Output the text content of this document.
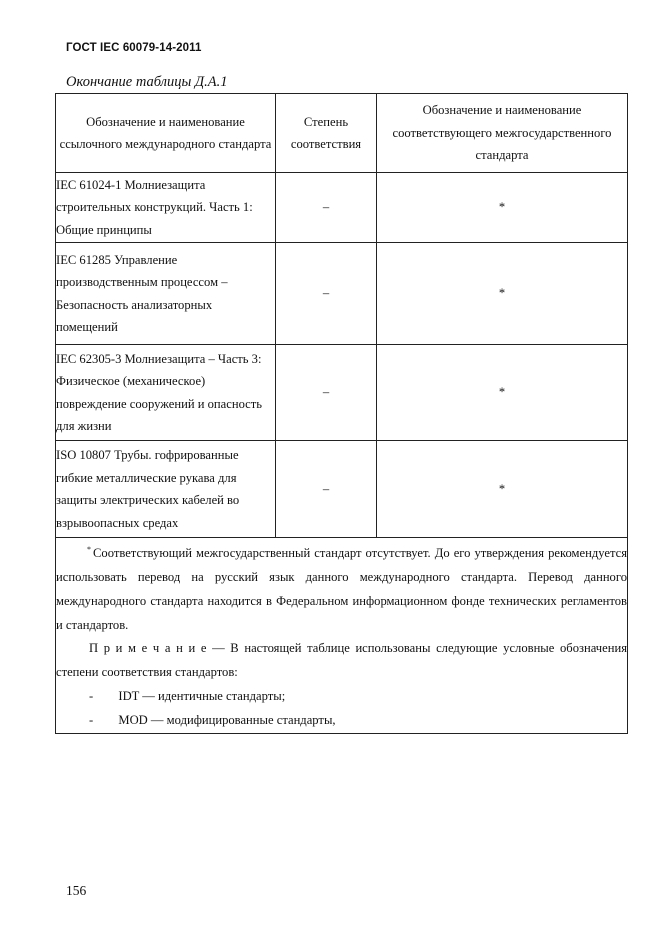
ГОСТ IEC 60079-14-2011
Окончание таблицы Д.А.1
Обозначение и наименование ссылочного международного стандарта	Степень соответствия	Обозначение и наименование соответствующего межгосударственного стандарта
IEC 61024-1 Молниезащита строительных конструкций. Часть 1: Общие принципы	–	*
IEC 61285 Управление производственным процессом – Безопасность анализаторных помещений	–	*
IEC 62305-3 Молниезащита – Часть 3: Физическое (механическое) повреждение сооружений и опасность для жизни	–	*
ISO 10807 Трубы. гофрированные гибкие металлические рукава для защиты электрических кабелей во взрывоопасных средах	–	*

* Соответствующий межгосударственный стандарт отсутствует. До его утверждения рекомендуется использовать перевод на русский язык данного международного стандарта. Перевод данного международного стандарта находится в Федеральном информационном фонде технических регламентов и стандартов.

П р и м е ч а н и е — В настоящей таблице использованы следующие условные обозначения степени соответствия стандартов:

-        IDT — идентичные стандарты;

-        MOD — модифицированные стандарты,		

156
